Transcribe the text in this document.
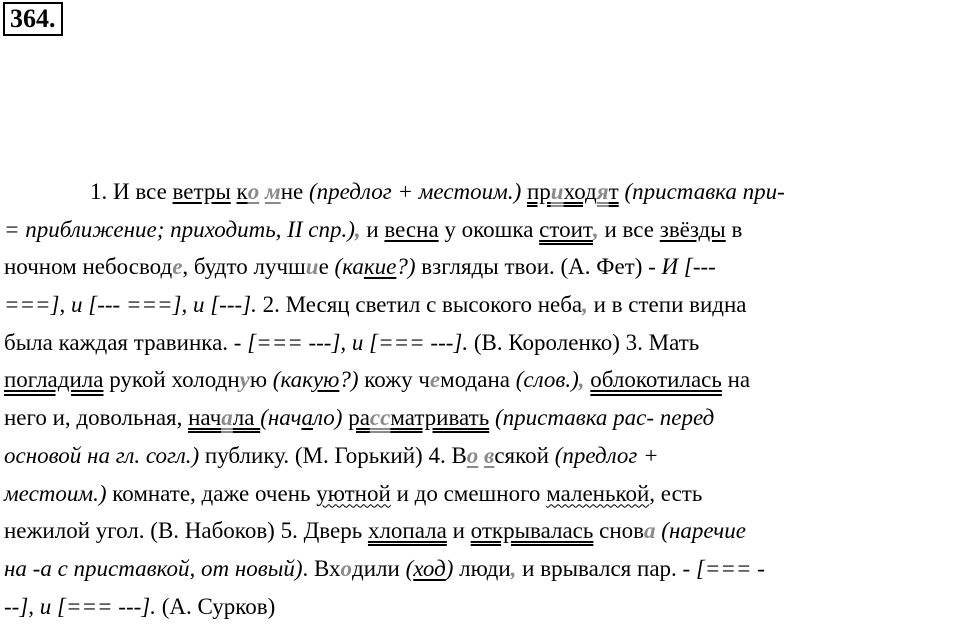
364.
1. И все ветры ко мне (предлог + местоим.) приходят (приставка при-
= приближение; приходить, II спр.), и весна у окошка стоит, и все звёзды в
ночном небосводе, будто лучшие (какие?) взгляды твои. (А. Фет) - И [---
===], и [--- ===], и [---]. 2. Месяц светил с высокого неба, и в степи видна
была каждая травинка. - [=== ---], и [=== ---]. (В. Короленко) 3. Мать
погладила рукой холодную (какую?) кожу чемодана (слов.), облокотилась на
него и, довольная, начала (начало) рассматривать (приставка рас- перед
основой на гл. согл.) публику. (М. Горький) 4. Во всякой (предлог +
местоим.) комнате, даже очень уютной и до смешного маленькой, есть
нежилой угол. (В. Набоков) 5. Дверь хлопала и открывалась снова (наречие
на -а с приставкой, от новый). Входили (ход) люди, и врывался пар. - [=== -
--], и [=== ---]. (А. Сурков)
